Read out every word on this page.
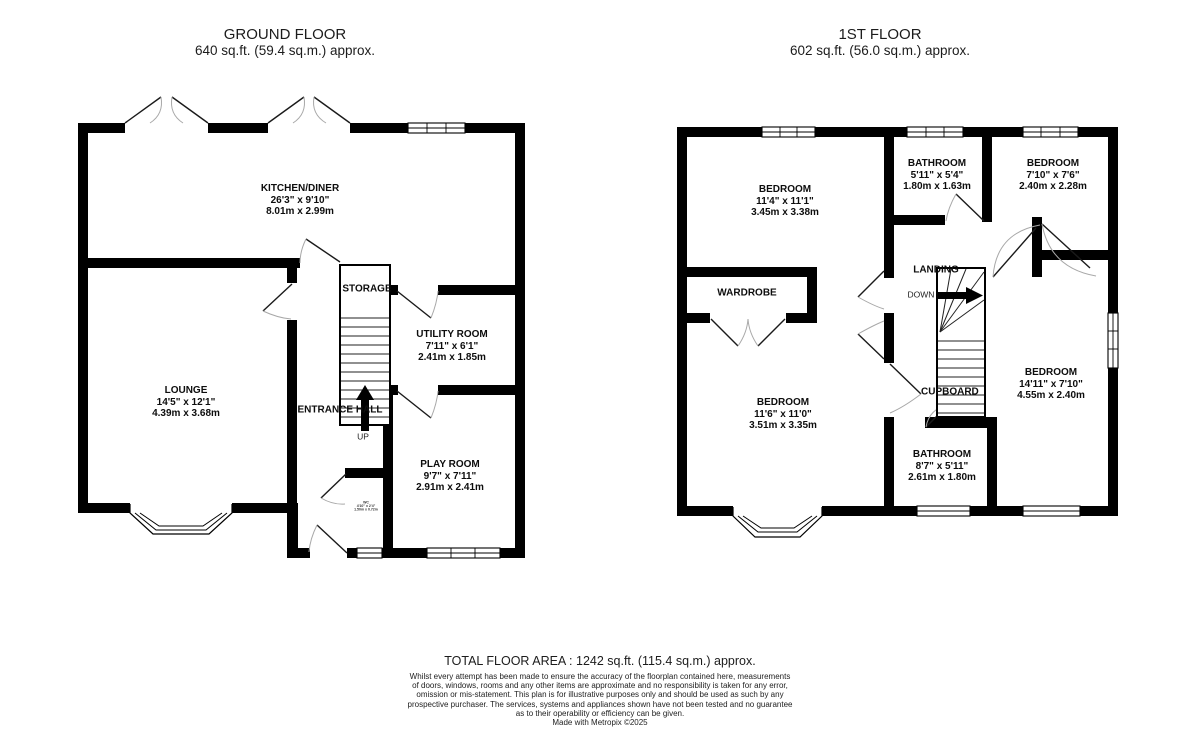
GROUND FLOOR
640 sq.ft. (59.4 sq.m.) approx.
1ST FLOOR
602 sq.ft. (56.0 sq.m.) approx.
KITCHEN/DINER
26'3" x 9'10"
8.01m x 2.99m
LOUNGE
14'5" x 12'1"
4.39m x 3.68m
STORAGE
UTILITY ROOM
7'11" x 6'1"
2.41m x 1.85m
ENTRANCE HALL
UP
PLAY ROOM
9'7" x 7'11"
2.91m x 2.41m
WC
4'10" x 2'4"
1.50m x 0.72m
BEDROOM
11'4" x 11'1"
3.45m x 3.38m
BATHROOM
5'11" x 5'4"
1.80m x 1.63m
BEDROOM
7'10" x 7'6"
2.40m x 2.28m
WARDROBE
LANDING
DOWN
BEDROOM
14'11" x 7'10"
4.55m x 2.40m
BEDROOM
11'6" x 11'0"
3.51m x 3.35m
CUPBOARD
BATHROOM
8'7" x 5'11"
2.61m x 1.80m
TOTAL FLOOR AREA : 1242 sq.ft. (115.4 sq.m.) approx.
Whilst every attempt has been made to ensure the accuracy of the floorplan contained here, measurements
of doors, windows, rooms and any other items are approximate and no responsibility is taken for any error,
omission or mis-statement. This plan is for illustrative purposes only and should be used as such by any
prospective purchaser. The services, systems and appliances shown have not been tested and no guarantee
as to their operability or efficiency can be given.
Made with Metropix ©2025
